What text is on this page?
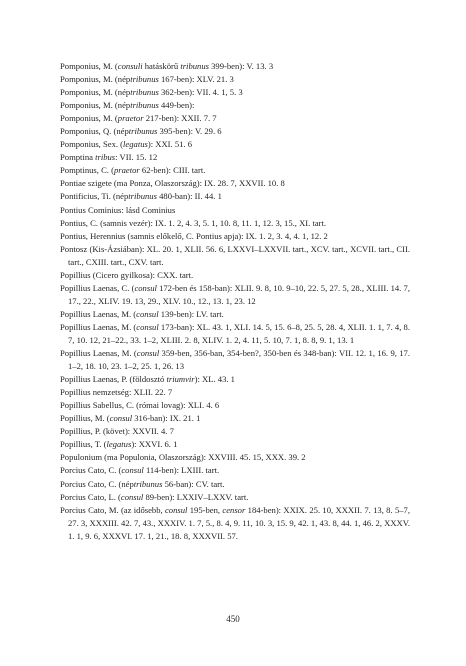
Pomponius, M. (consuli hatáskörű tribunus 399-ben): V. 13. 3
Pomponius, M. (néptribunus 167-ben): XLV. 21. 3
Pomponius, M. (néptribunus 362-ben): VII. 4. 1, 5. 3
Pomponius, M. (néptribunus 449-ben):
Pomponius, M. (praetor 217-ben): XXII. 7. 7
Pomponius, Q. (néptribunus 395-ben): V. 29. 6
Pomponius, Sex. (legatus): XXI. 51. 6
Pomptina tribus: VII. 15. 12
Pomptinus, C. (praetor 62-ben): CIII. tart.
Pontiae szigete (ma Ponza, Olaszország): IX. 28. 7, XXVII. 10. 8
Pontificius, Ti. (néptribunus 480-ban): II. 44. 1
Pontius Cominius: lásd Cominius
Pontius, C. (samnis vezér): IX. 1. 2, 4. 3, 5. 1, 10. 8, 11. 1, 12. 3, 15., XI. tart.
Pontius, Herennius (samnis előkelő, C. Pontius apja): IX. 1. 2, 3. 4, 4. 1, 12. 2
Pontosz (Kis-Ázsiában): XL. 20. 1, XLII. 56. 6, LXXVI–LXXVII. tart., XCV. tart., XCVII. tart., CII. tart., CXIII. tart., CXV. tart.
Popillius (Cicero gyilkosa): CXX. tart.
Popillius Laenas, C. (consul 172-ben és 158-ban): XLII. 9. 8, 10. 9–10, 22. 5, 27. 5, 28., XLIII. 14. 7, 17., 22., XLIV. 19. 13, 29., XLV. 10., 12., 13. 1, 23. 12
Popillius Laenas, M. (consul 139-ben): LV. tart.
Popillius Laenas, M. (consul 173-ban): XL. 43. 1, XLI. 14. 5, 15. 6–8, 25. 5, 28. 4, XLII. 1. 1, 7. 4, 8. 7, 10. 12, 21–22., 33. 1–2, XLIII. 2. 8, XLIV. 1. 2, 4. 11, 5. 10, 7. 1, 8. 8, 9. 1, 13. 1
Popillius Laenas, M. (consul 359-ben, 356-ban, 354-ben?, 350-ben és 348-ban): VII. 12. 1, 16. 9, 17. 1–2, 18. 10, 23. 1–2, 25. 1, 26. 13
Popillius Laenas, P. (földosztó triumvir): XL. 43. 1
Popillius nemzetség: XLII. 22. 7
Popillius Sabellus, C. (római lovag): XLI. 4. 6
Popillius, M. (consul 316-ban): IX. 21. 1
Popillius, P. (követ): XXVII. 4. 7
Popillius, T. (legatus): XXVI. 6. 1
Populonium (ma Populonia, Olaszország): XXVIII. 45. 15, XXX. 39. 2
Porcius Cato, C. (consul 114-ben): LXIII. tart.
Porcius Cato, C. (néptribunus 56-ban): CV. tart.
Porcius Cato, L. (consul 89-ben): LXXIV–LXXV. tart.
Porcius Cato, M. (az idősebb, consul 195-ben, censor 184-ben): XXIX. 25. 10, XXXII. 7. 13, 8. 5–7, 27. 3, XXXIII. 42. 7, 43., XXXIV. 1. 7, 5., 8. 4, 9. 11, 10. 3, 15. 9, 42. 1, 43. 8, 44. 1, 46. 2, XXXV. 1. 1, 9. 6, XXXVI. 17. 1, 21., 18. 8, XXXVII. 57.
450
